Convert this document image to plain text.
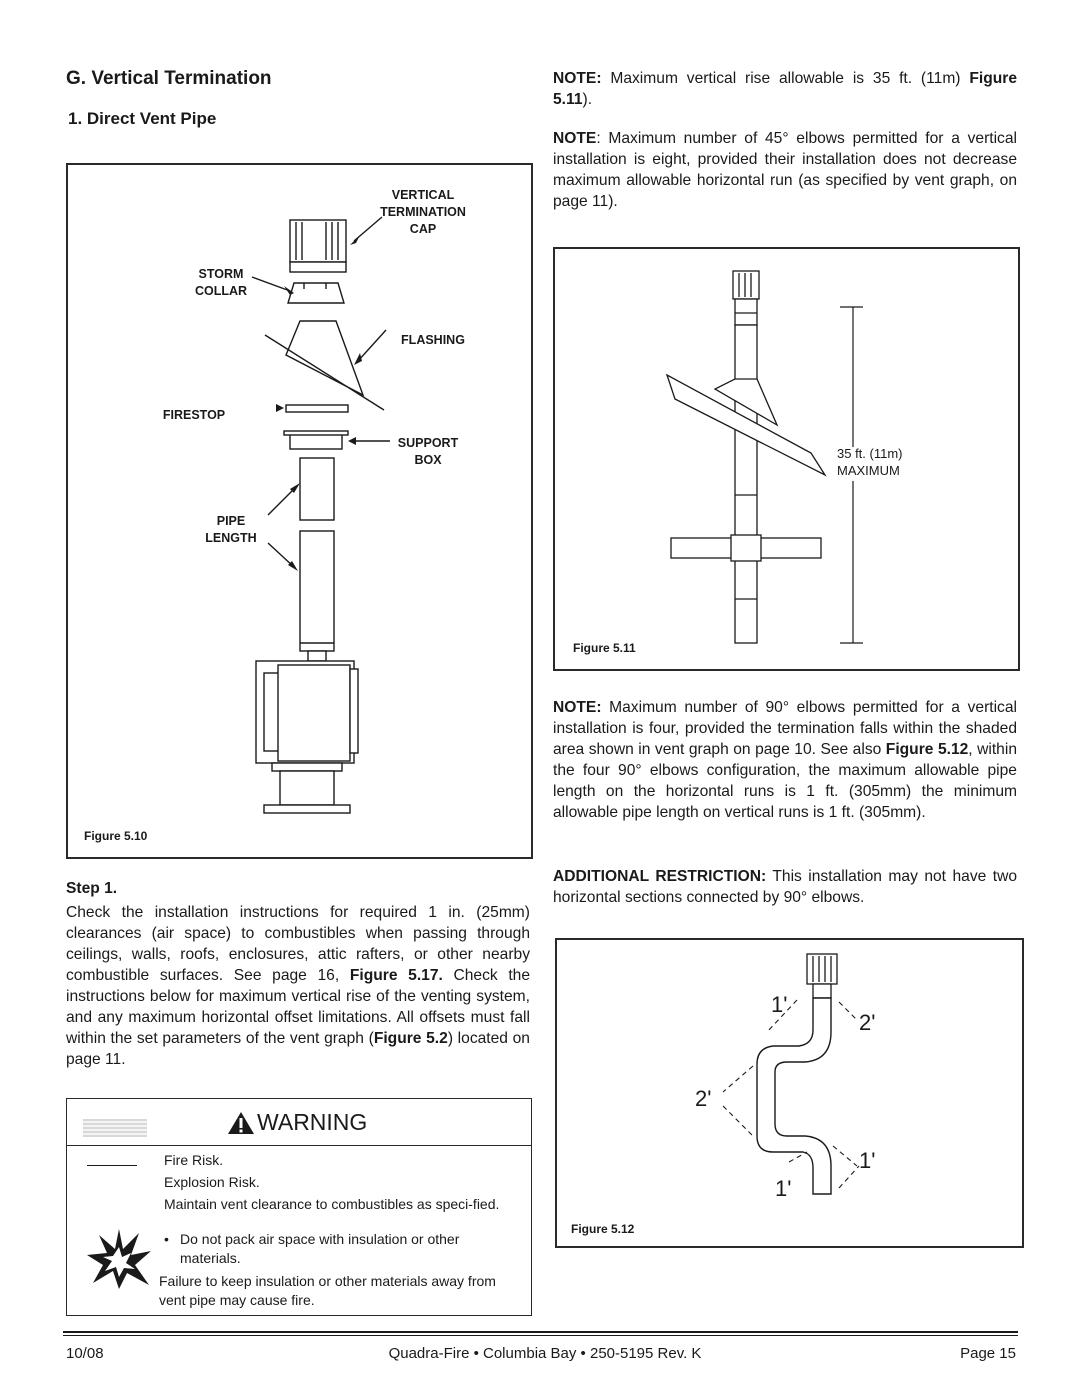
G. Vertical Termination
1. Direct Vent Pipe
VERTICAL
TERMINATION
CAP
STORM
COLLAR
FLASHING
FIRESTOP
SUPPORT
BOX
PIPE
LENGTH
Figure 5.10
Step 1.
Check the installation instructions for required 1 in. (25mm) clearances (air space) to combustibles when passing through ceilings, walls, roofs, enclosures, attic rafters, or other nearby combustible surfaces. See page 16, Figure 5.17. Check the instructions below for maximum vertical rise of the venting system, and any maximum horizontal offset limitations. All offsets must fall within the set parameters of the vent graph (Figure 5.2) located on page 11.
WARNING
Fire Risk.
Explosion Risk.
Maintain vent clearance to combustibles as speci-fied.
• Do not pack air space with insulation or other materials.
Failure to keep insulation or other materials away from vent pipe may cause fire.
NOTE: Maximum vertical rise allowable is 35 ft. (11m) Figure 5.11).
NOTE: Maximum number of 45° elbows permitted for a vertical installation is eight, provided their installation does not decrease maximum allowable horizontal run (as specified by vent graph, on page 11).
35 ft. (11m)
MAXIMUM
Figure 5.11
NOTE: Maximum number of 90° elbows permitted for a vertical installation is four, provided the termination falls within the shaded area shown in vent graph on page 10. See also Figure 5.12, within the four 90° elbows configuration, the maximum allowable pipe length on the horizontal runs is 1 ft. (305mm) the minimum allowable pipe length on vertical runs is 1 ft. (305mm).
ADDITIONAL RESTRICTION: This installation may not have two horizontal sections connected by 90° elbows.
1'
2'
2'
1'
1'
Figure 5.12
10/08	Quadra-Fire • Columbia Bay • 250-5195 Rev. K	Page 15
